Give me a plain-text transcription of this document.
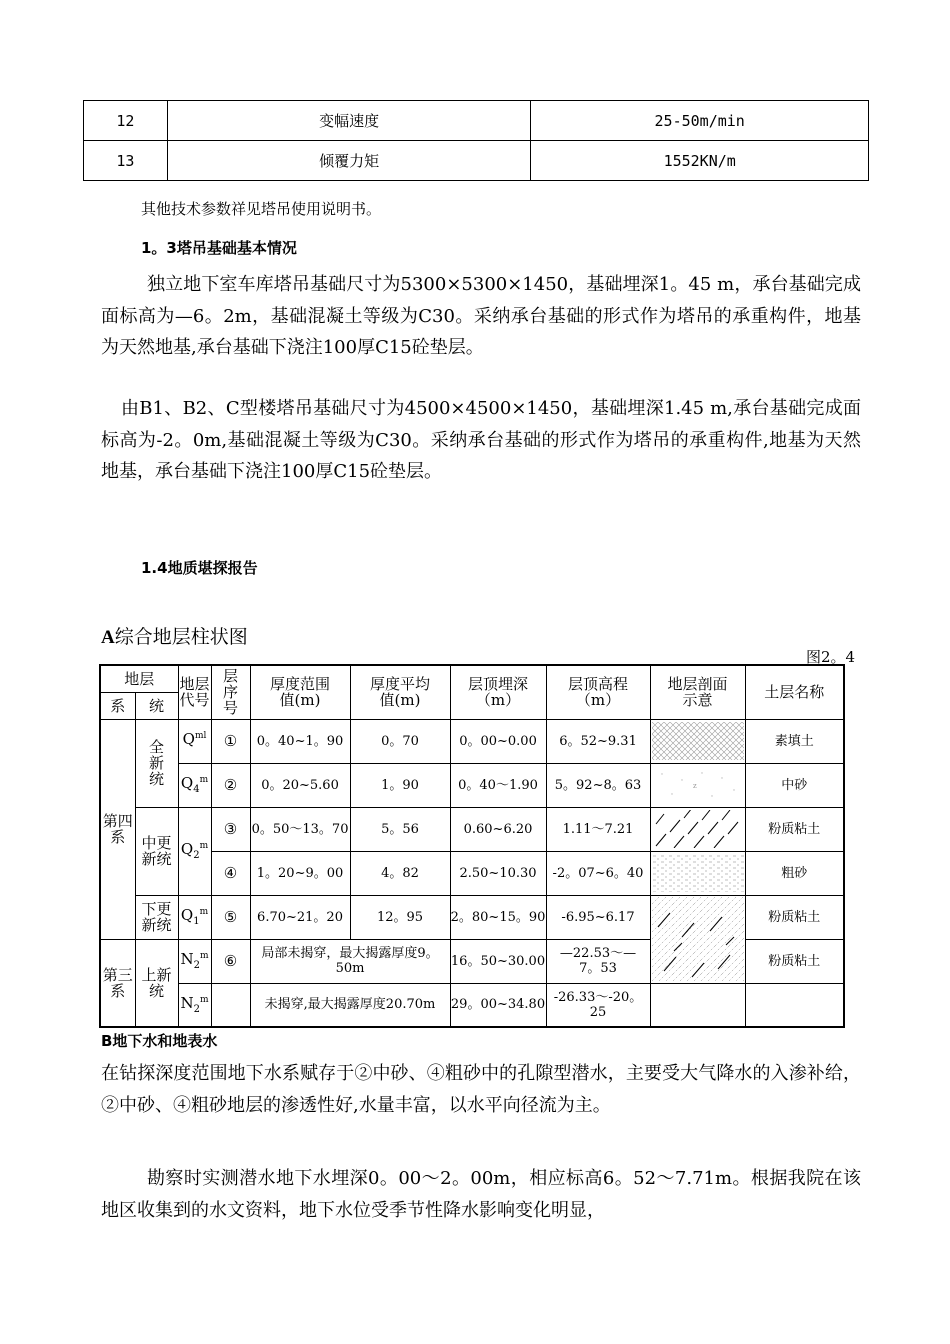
12	变幅速度	25-50m/min
13	倾覆力矩	1552KN/m
其他技术参数祥见塔吊使用说明书。
1。3塔吊基础基本情况

独立地下室车库塔吊基础尺寸为5300×5300×1450，基础埋深1。45 m，承台基础完成面标高为—6。2m，基础混凝土等级为C30。采纳承台基础的形式作为塔吊的承重构件，地基为天然地基,承台基础下浇注100厚C15砼垫层。

由B1、B2、C型楼塔吊基础尺寸为4500×4500×1450，基础埋深1.45 m,承台基础完成面标高为-2。0m,基础混凝土等级为C30。采纳承台基础的形式作为塔吊的承重构件,地基为天然地基，承台基础下浇注100厚C15砼垫层。

1.4地质堪探报告
A综合地层柱状图
图2。4
地层		地层代号	层序号	厚度范围值(m)	厚度平均值(m)	层顶埋深（m）	层顶高程（m）	地层剖面示意	土层名称
系	统								
第四系	全新统	$Q^{ml}$	①	0。40~1。90	0。70	0。00~0.00	6。52~9.31		素填土
		$Q_4^m$	②	0。20~5.60	1。90	0。40～1.90	5。92~8。63	z	中砂
	中更新统	$Q_2^m$	③	0。50～13。70	5。56	0.60~6.20	1.11～7.21		粉质粘土
			④	1。20~9。00	4。82	2.50~10.30	-2。07~6。40		粗砂
	下更新统	$Q_1^m$	⑤	6.70~21。20	12。95	2。80~15。90	-6.95~6.17		粉质粘土
第三系	上新统	$N_2^m$	⑥	局部未揭穿，最大揭露厚度9。50m		16。50~30.00	—22.53～—7。53		粉质粘土
		$N_2^m$		未揭穿,最大揭露厚度20.70m		29。00~34.80	-26.33～-20。25		
B地下水和地表水

在钻探深度范围地下水系赋存于②中砂、④粗砂中的孔隙型潜水，主要受大气降水的入渗补给，②中砂、④粗砂地层的渗透性好,水量丰富，以水平向径流为主。

勘察时实测潜水地下水埋深0。00～2。00m，相应标高6。52～7.71m。根据我院在该地区收集到的水文资料，地下水位受季节性降水影响变化明显，
